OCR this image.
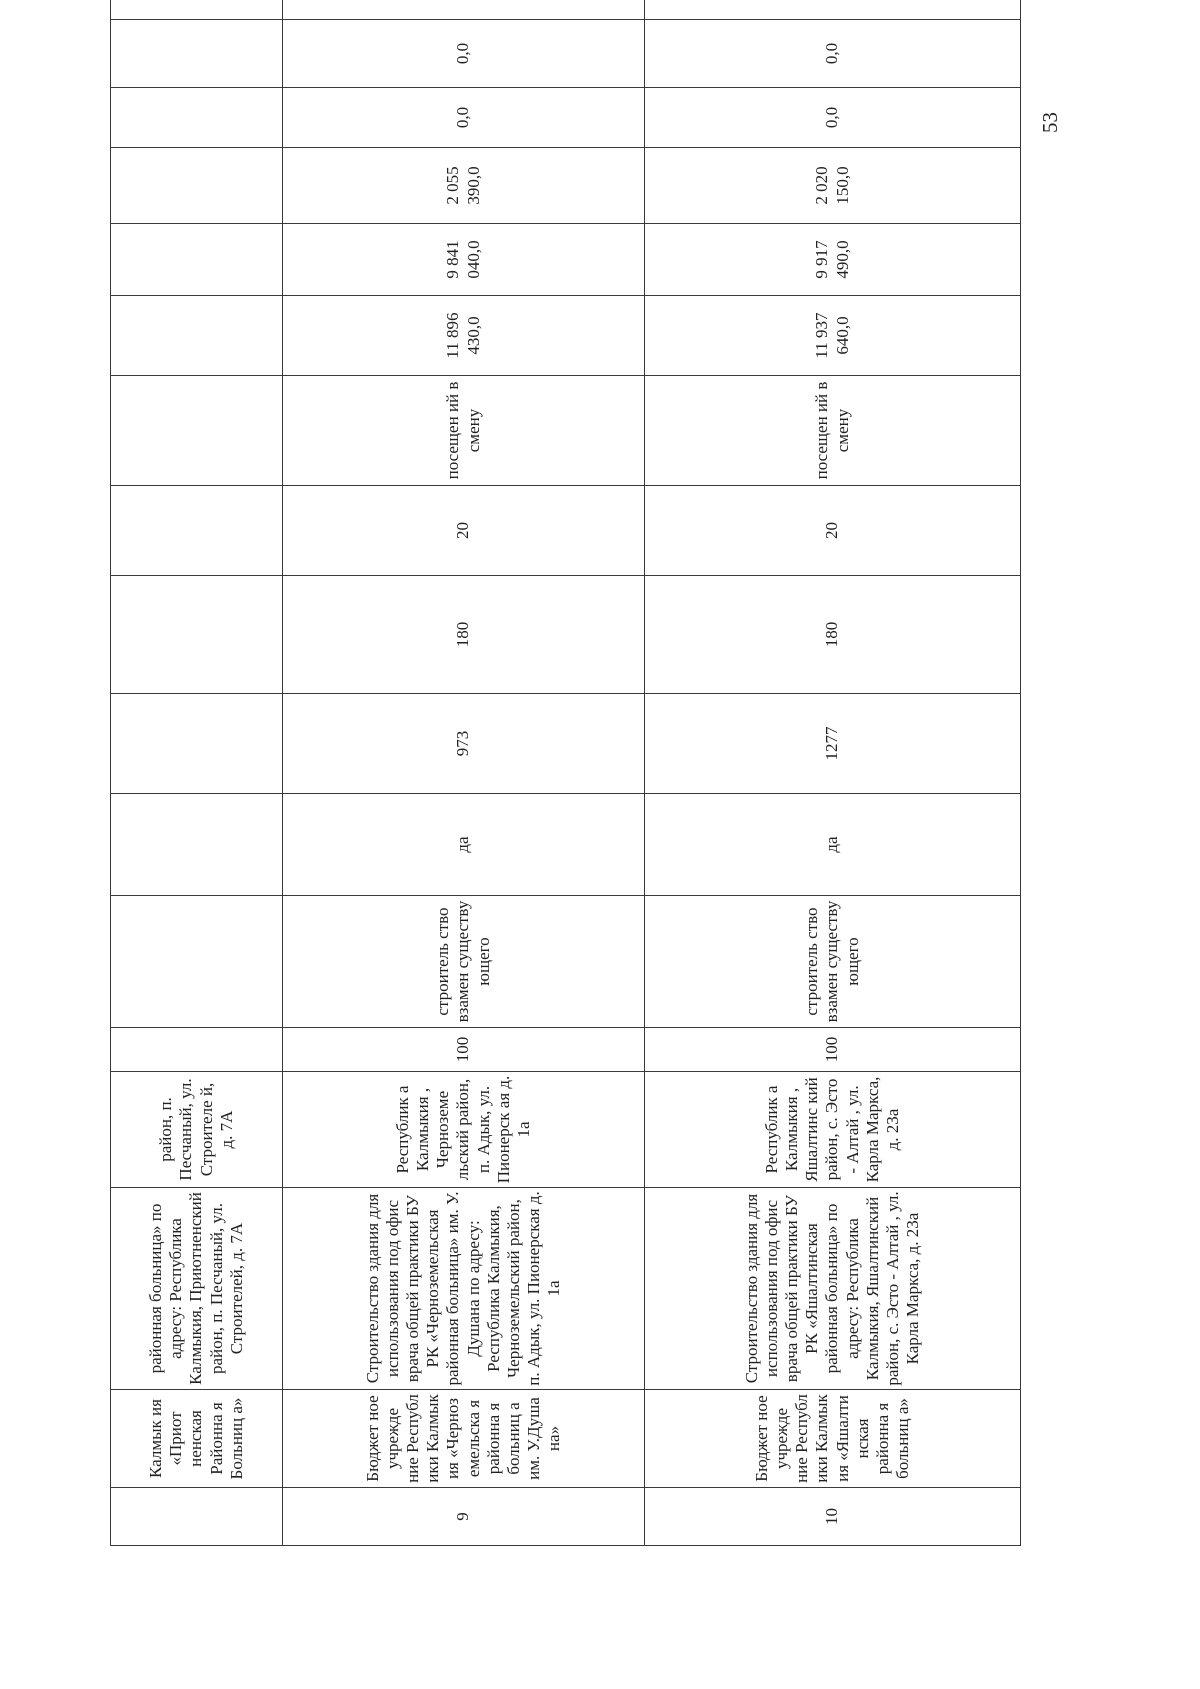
53
	Калмык ия «Приот ненская Районна я Больниц а»	районная больница» по адресу: Республика Калмыкия, Приютненский район, п. Песчаный, ул. Строителей, д. 7А	район, п. Песчаный, ул. Строителе й, д. 7А													
9	Бюджет ное учрежде ние Республ ики Калмык ия «Черноз емельска я районна я больниц а им. У.Душа на»	Строительство здания для использования под офис врача общей практики БУ РК «Черноземельская районная больница» им. У. Душана по адресу: Республика Калмыкия, Черноземельский район, п. Адык, ул. Пионерская д. 1а	Республик а Калмыкия , Черноземе льский район, п. Адык, ул. Пионерск ая д. 1а	100	строитель ство взамен существу ющего	да	973	180	20	посещен ий в смену	11 896 430,0	9 841 040,0	2 055 390,0	0,0	0,0	
10	Бюджет ное учрежде ние Республ ики Калмык ия «Яшалти нская районна я больниц а»	Строительство здания для использования под офис врача общей практики БУ РК «Яшалтинская районная больница» по адресу: Республика Калмыкия, Яшалтинский район, с. Эсто - Алтай , ул. Карла Маркса, д. 23а	Республик а Калмыкия , Яшалтинс кий район, с. Эсто - Алтай , ул. Карла Маркса, д. 23а	100	строитель ство взамен существу ющего	да	1277	180	20	посещен ий в смену	11 937 640,0	9 917 490,0	2 020 150,0	0,0	0,0	
